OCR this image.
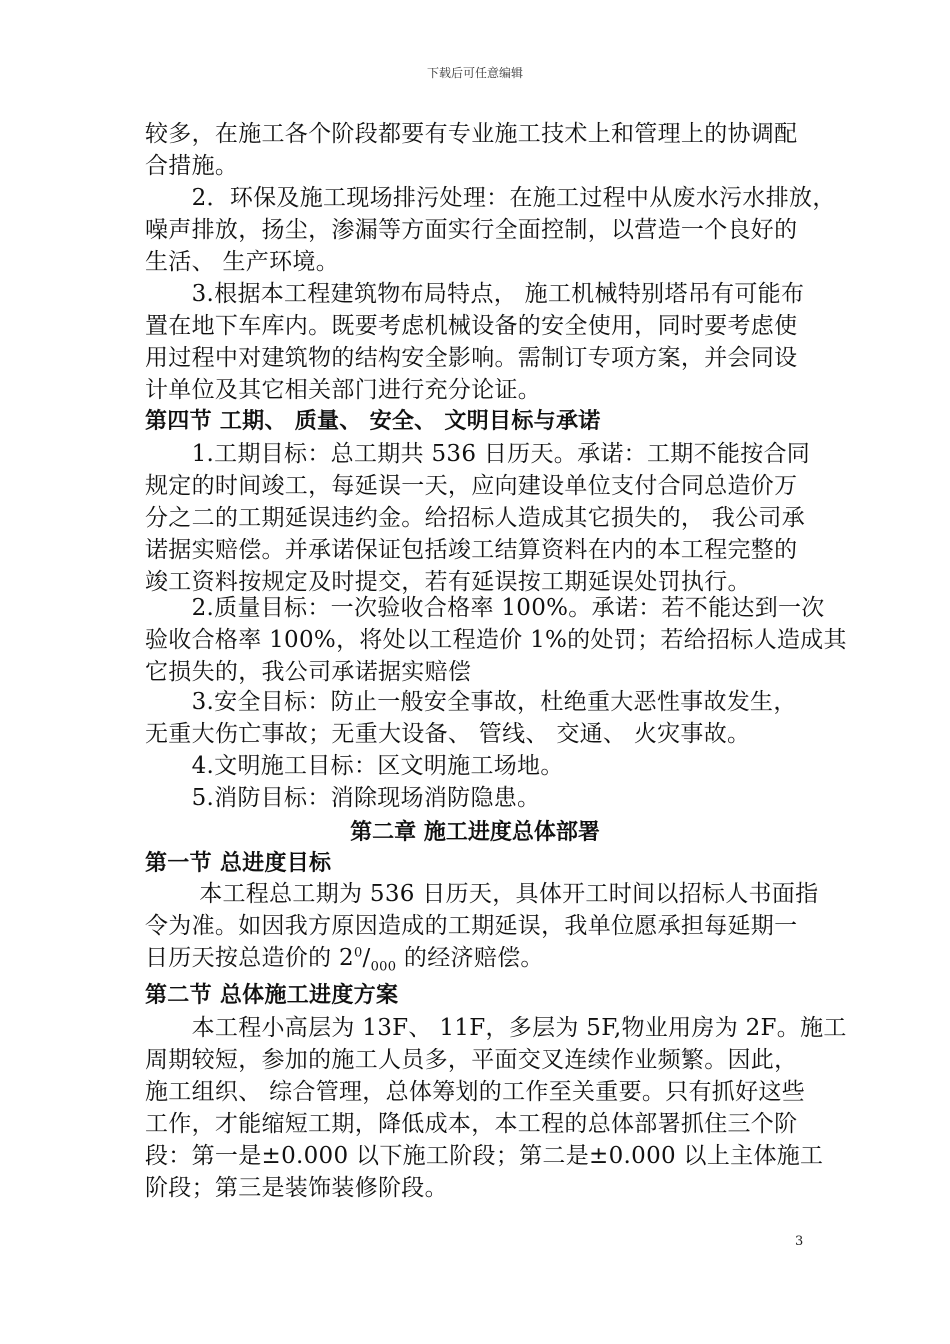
下载后可任意编辑
较多，在施工各个阶段都要有专业施工技术上和管理上的协调配
合措施。
　　2．环保及施工现场排污处理：在施工过程中从废水污水排放，
噪声排放，扬尘，渗漏等方面实行全面控制，以营造一个良好的
生活、 生产环境。
　　3.根据本工程建筑物布局特点， 施工机械特别塔吊有可能布
置在地下车库内。既要考虑机械设备的安全使用，同时要考虑使
用过程中对建筑物的结构安全影响。需制订专项方案，并会同设
计单位及其它相关部门进行充分论证。
第四节 工期、 质量、 安全、 文明目标与承诺
　　1.工期目标：总工期共 536 日历天。承诺：工期不能按合同
规定的时间竣工，每延误一天，应向建设单位支付合同总造价万
分之二的工期延误违约金。给招标人造成其它损失的， 我公司承
诺据实赔偿。并承诺保证包括竣工结算资料在内的本工程完整的
竣工资料按规定及时提交，若有延误按工期延误处罚执行。
　　2.质量目标：一次验收合格率 100%。承诺：若不能达到一次
验收合格率 100%，将处以工程造价 1%的处罚；若给招标人造成其
它损失的，我公司承诺据实赔偿
　　3.安全目标：防止一般安全事故，杜绝重大恶性事故发生，
无重大伤亡事故；无重大设备、 管线、 交通、 火灾事故。
　　4.文明施工目标：区文明施工场地。
　　5.消防目标：消除现场消防隐患。
第二章 施工进度总体部署
第一节 总进度目标
　　 本工程总工期为 536 日历天，具体开工时间以招标人书面指
令为准。如因我方原因造成的工期延误，我单位愿承担每延期一
日历天按总造价的 $2^0/_{000}$ 的经济赔偿。
第二节 总体施工进度方案
　　本工程小高层为 13F、 11F，多层为 5F,物业用房为 2F。施工
周期较短，参加的施工人员多，平面交叉连续作业频繁。因此，
施工组织、 综合管理，总体筹划的工作至关重要。只有抓好这些
工作，才能缩短工期，降低成本，本工程的总体部署抓住三个阶
段：第一是±0.000 以下施工阶段；第二是±0.000 以上主体施工
阶段；第三是装饰装修阶段。
3
